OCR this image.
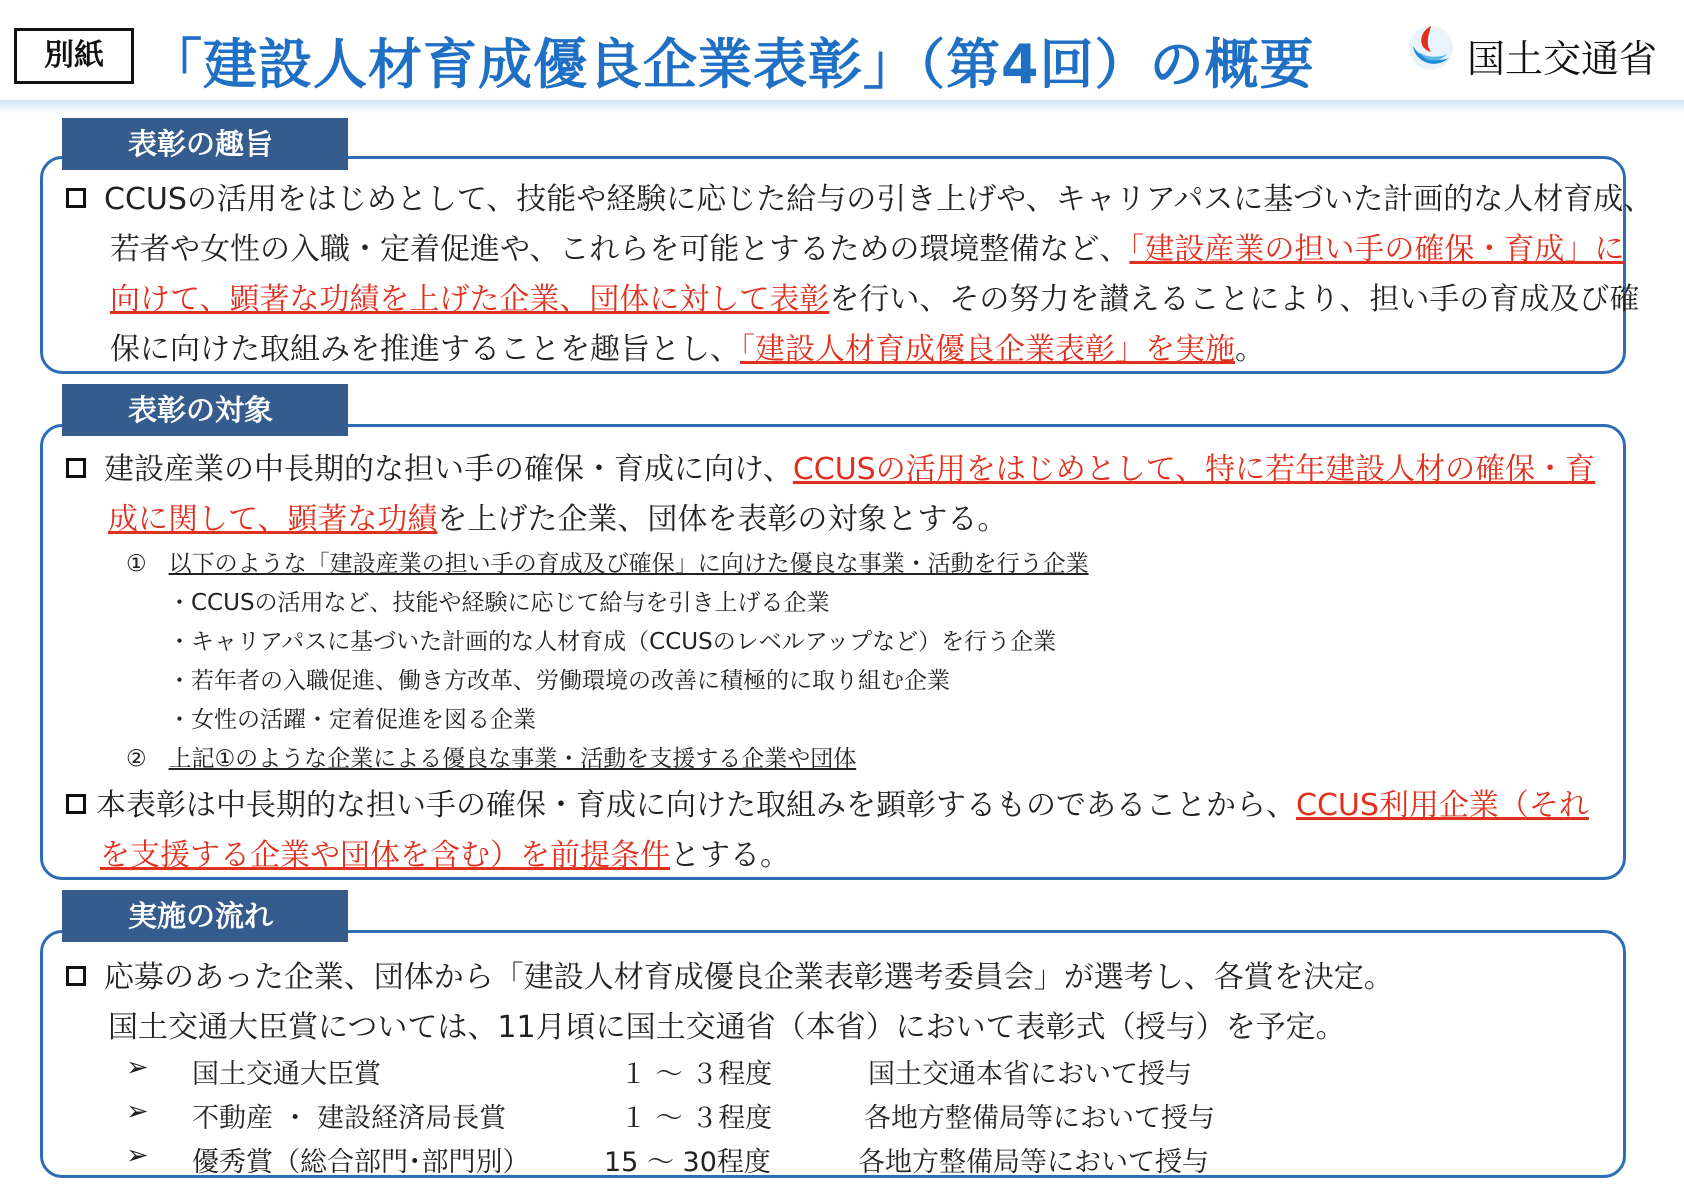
別紙 「建設人材育成優良企業表彰」（第4回）の概要	国土交通省
表彰の趣旨
CCUSの活用をはじめとして、技能や経験に応じた給与の引き上げや、キャリアパスに基づいた計画的な人材育成、
若者や女性の入職・定着促進や、これらを可能とするための環境整備など、「建設産業の担い手の確保・育成」に
向けて、顕著な功績を上げた企業、団体に対して表彰を行い、その努力を讃えることにより、担い手の育成及び確
保に向けた取組みを推進することを趣旨とし、「建設人材育成優良企業表彰」を実施。
表彰の対象
建設産業の中長期的な担い手の確保・育成に向け、CCUSの活用をはじめとして、特に若年建設人材の確保・育
成に関して、顕著な功績を上げた企業、団体を表彰の対象とする。
① 以下のような「建設産業の担い手の育成及び確保」に向けた優良な事業・活動を行う企業
・CCUSの活用など、技能や経験に応じて給与を引き上げる企業
・キャリアパスに基づいた計画的な人材育成（CCUSのレベルアップなど）を行う企業
・若年者の入職促進、働き方改革、労働環境の改善に積極的に取り組む企業
・女性の活躍・定着促進を図る企業
② 上記①のような企業による優良な事業・活動を支援する企業や団体
本表彰は中長期的な担い手の確保・育成に向けた取組みを顕彰するものであることから、CCUS利用企業（それ
を支援する企業や団体を含む）を前提条件とする。
実施の流れ
応募のあった企業、団体から「建設人材育成優良企業表彰選考委員会」が選考し、各賞を決定。
国土交通大臣賞については、11月頃に国土交通省（本省）において表彰式（授与）を予定。
➢ 国土交通大臣賞	１ 〜 ３程度	国土交通本省において授与
➢ 不動産 ・ 建設経済局長賞	１ 〜 ３程度	各地方整備局等において授与
➢ 優秀賞（総合部門･部門別）	15 〜 30程度	各地方整備局等において授与
